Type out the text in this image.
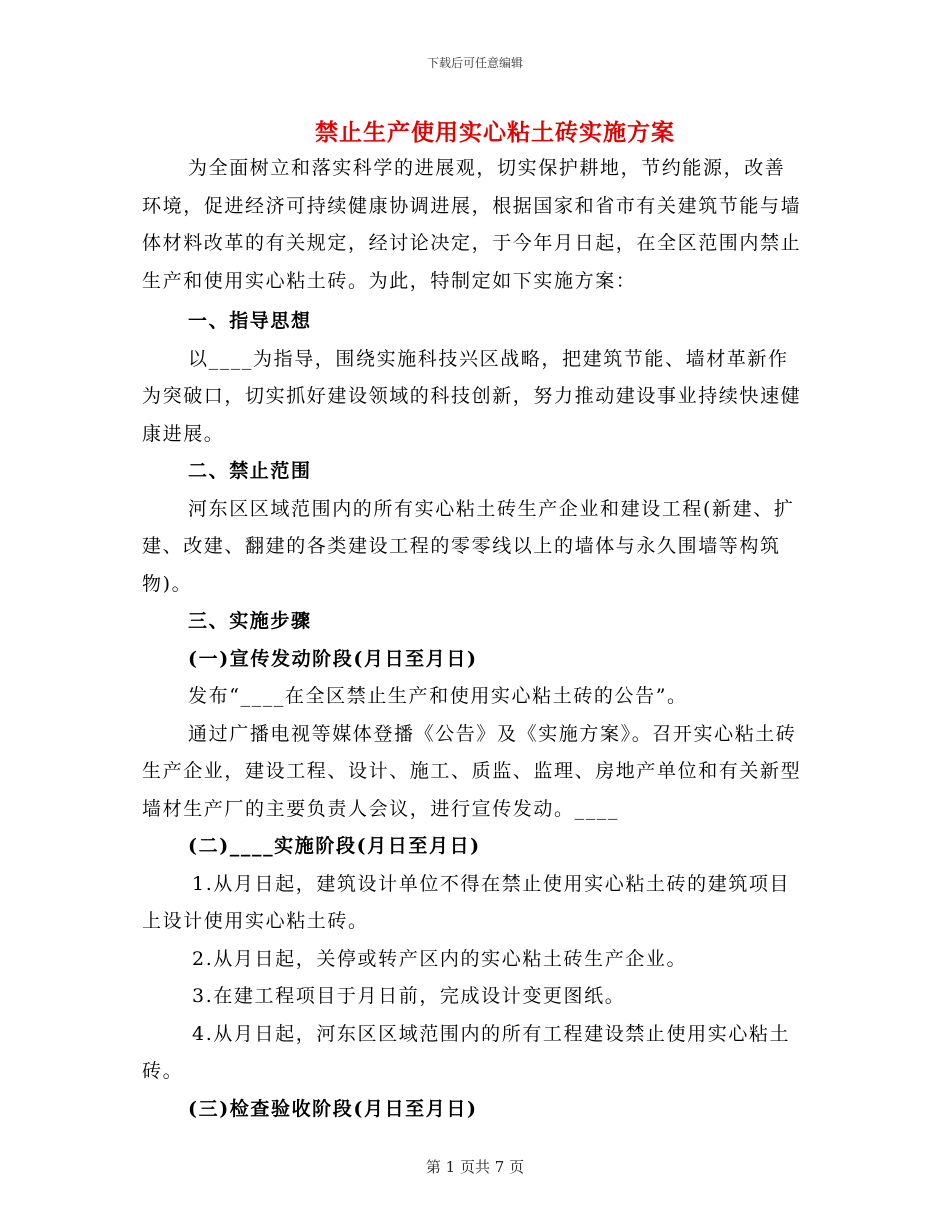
下载后可任意编辑
禁止生产使用实心粘土砖实施方案

为全面树立和落实科学的进展观，切实保护耕地，节约能源，改善环境，促进经济可持续健康协调进展，根据国家和省市有关建筑节能与墙体材料改革的有关规定，经讨论决定，于今年月日起，在全区范围内禁止生产和使用实心粘土砖。为此，特制定如下实施方案：

一、指导思想

以____为指导，围绕实施科技兴区战略，把建筑节能、墙材革新作为突破口，切实抓好建设领域的科技创新，努力推动建设事业持续快速健康进展。

二、禁止范围

河东区区域范围内的所有实心粘土砖生产企业和建设工程(新建、扩建、改建、翻建的各类建设工程的零零线以上的墙体与永久围墙等构筑物)。

三、实施步骤

(一)宣传发动阶段(月日至月日)

发布“____在全区禁止生产和使用实心粘土砖的公告”。

通过广播电视等媒体登播《公告》及《实施方案》。召开实心粘土砖生产企业，建设工程、设计、施工、质监、监理、房地产单位和有关新型墙材生产厂的主要负责人会议，进行宣传发动。____

(二)____实施阶段(月日至月日)

1.从月日起，建筑设计单位不得在禁止使用实心粘土砖的建筑项目上设计使用实心粘土砖。

2.从月日起，关停或转产区内的实心粘土砖生产企业。

3.在建工程项目于月日前，完成设计变更图纸。

4.从月日起，河东区区域范围内的所有工程建设禁止使用实心粘土砖。

(三)检查验收阶段(月日至月日)

第 1 页共 7 页
